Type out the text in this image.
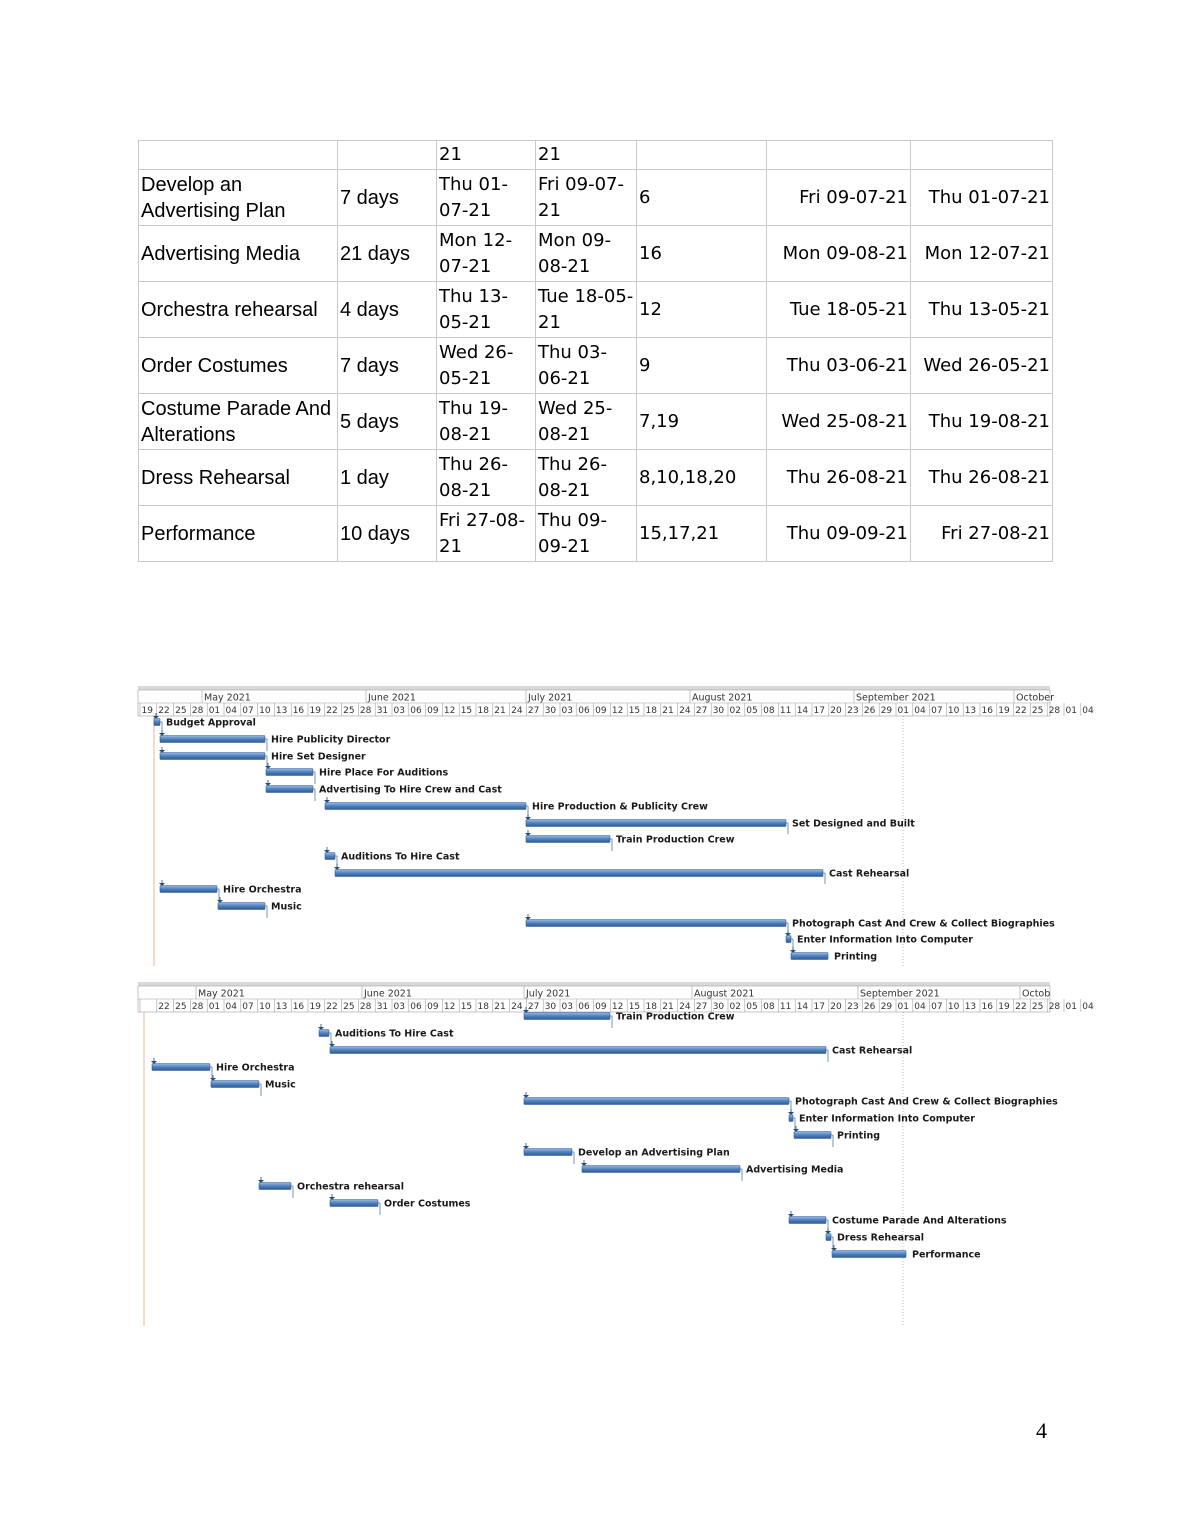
		21	21			
Develop an Advertising Plan	7 days	Thu 01-07-21	Fri 09-07-21	6	Fri 09-07-21	Thu 01-07-21
Advertising Media	21 days	Mon 12-07-21	Mon 09-08-21	16	Mon 09-08-21	Mon 12-07-21
Orchestra rehearsal	4 days	Thu 13-05-21	Tue 18-05-21	12	Tue 18-05-21	Thu 13-05-21
Order Costumes	7 days	Wed 26-05-21	Thu 03-06-21	9	Thu 03-06-21	Wed 26-05-21
Costume Parade And Alterations	5 days	Thu 19-08-21	Wed 25-08-21	7,19	Wed 25-08-21	Thu 19-08-21
Dress Rehearsal	1 day	Thu 26-08-21	Thu 26-08-21	8,10,18,20	Thu 26-08-21	Thu 26-08-21
Performance	10 days	Fri 27-08-21	Thu 09-09-21	15,17,21	Thu 09-09-21	Fri 27-08-21
May 2021	June 2021	July 2021	August 2021	September 2021	October
19 22 25 28 01 04 07 10 13 16 19 22 25 28 31 03 06 09 12 15 18 21 24 27 30 03 06 09 12 15 18 21 24 27 30 02 05 08 11 14 17 20 23 26 29 01 04 07 10 13 16 19 22 25 28 01 04
Budget Approval
Hire Publicity Director
Hire Set Designer
Hire Place For Auditions
Advertising To Hire Crew and Cast
Hire Production & Publicity Crew
Set Designed and Built
Train Production Crew
Auditions To Hire Cast
Cast Rehearsal
Hire Orchestra
Music
Photograph Cast And Crew & Collect Biographies
Enter Information Into Computer
Printing
May 2021	June 2021	July 2021	August 2021	September 2021	Octob
22 25 28 01 04 07 10 13 16 19 22 25 28 31 03 06 09 12 15 18 21 24 27 30 03 06 09 12 15 18 21 24 27 30 02 05 08 11 14 17 20 23 26 29 01 04 07 10 13 16 19 22 25 28 01 04
Train Production Crew
Auditions To Hire Cast
Cast Rehearsal
Hire Orchestra
Music
Photograph Cast And Crew & Collect Biographies
Enter Information Into Computer
Printing
Develop an Advertising Plan
Advertising Media
Orchestra rehearsal
Order Costumes
Costume Parade And Alterations
Dress Rehearsal
Performance
4
